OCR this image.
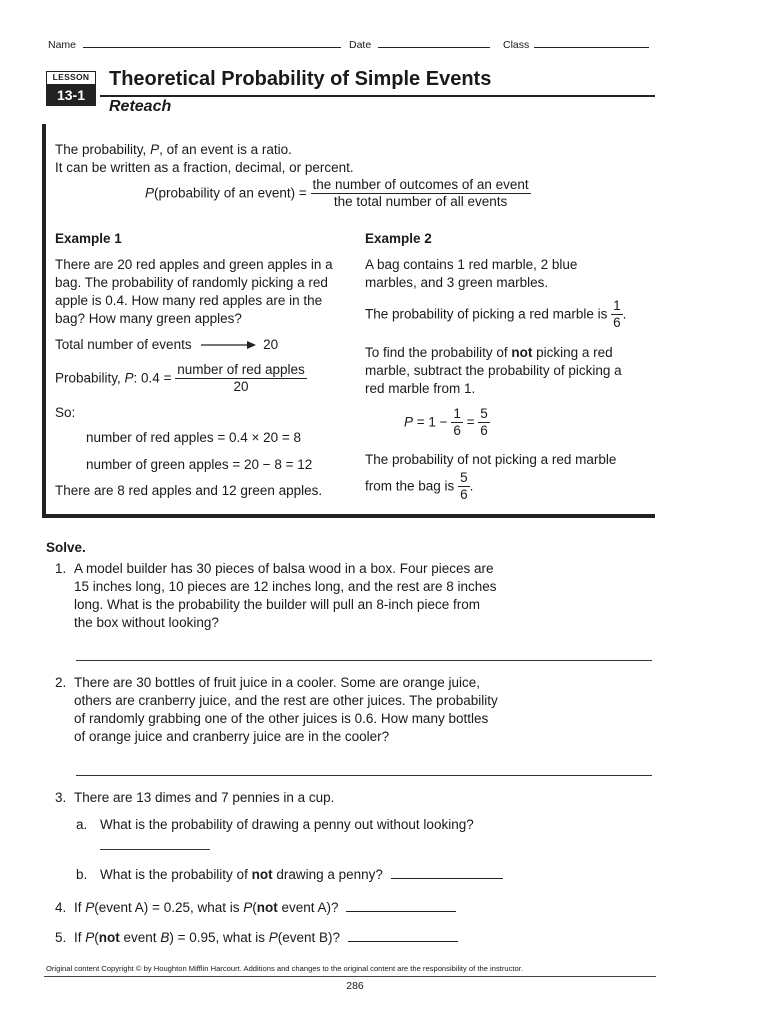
Name	Date	Class
LESSON
13-1
Theoretical Probability of Simple Events
Reteach
The probability, P, of an event is a ratio.
It can be written as a fraction, decimal, or percent.
P(probability of an event) = $\frac{\text{the number of outcomes of an event}}{\text{the total number of all events}}$
Example 1
There are 20 red apples and green apples in a
bag. The probability of randomly picking a red
apple is 0.4. How many red apples are in the
bag? How many green apples?
Total number of events	20
Probability, P: $0.4 = \frac{\text{number of red apples}}{20}$
So:
number of red apples = 0.4 × 20 = 8
number of green apples = 20 − 8 = 12
There are 8 red apples and 12 green apples.
Example 2
A bag contains 1 red marble, 2 blue
marbles, and 3 green marbles.
The probability of picking a red marble is $\frac{1}{6}$ .
To find the probability of not picking a red
marble, subtract the probability of picking a
red marble from 1.
$P = 1 - \frac{1}{6} = \frac{5}{6}$
The probability of not picking a red marble
from the bag is $\frac{5}{6}$ .
Solve.
1. A model builder has 30 pieces of balsa wood in a box. Four pieces are
15 inches long, 10 pieces are 12 inches long, and the rest are 8 inches
long. What is the probability the builder will pull an 8-inch piece from
the box without looking?
2. There are 30 bottles of fruit juice in a cooler. Some are orange juice,
others are cranberry juice, and the rest are other juices. The probability
of randomly grabbing one of the other juices is 0.6. How many bottles
of orange juice and cranberry juice are in the cooler?
3. There are 13 dimes and 7 pennies in a cup.
a. What is the probability of drawing a penny out without looking?
b. What is the probability of not drawing a penny?
4. If P(event A) = 0.25, what is P(not event A)?
5. If P(not event B) = 0.95, what is P(event B)?
Original content Copyright © by Houghton Mifflin Harcourt. Additions and changes to the original content are the responsibility of the instructor.
286
